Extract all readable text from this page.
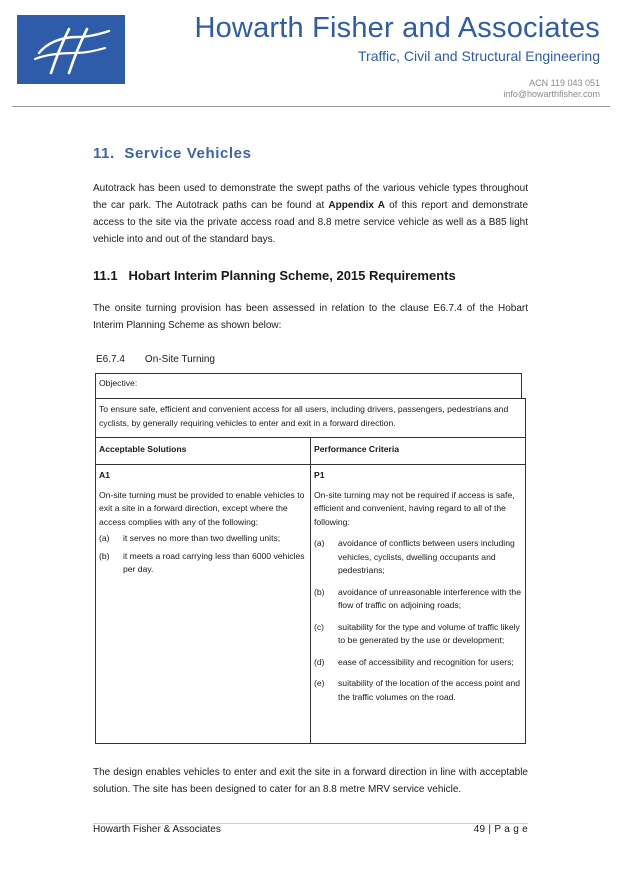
Howarth Fisher and Associates
Traffic, Civil and Structural Engineering
ACN 119 043 051
info@howarthfisher.com
11. Service Vehicles
Autotrack has been used to demonstrate the swept paths of the various vehicle types throughout the car park. The Autotrack paths can be found at Appendix A of this report and demonstrate access to the site via the private access road and 8.8 metre service vehicle as well as a B85 light vehicle into and out of the standard bays.
11.1 Hobart Interim Planning Scheme, 2015 Requirements
The onsite turning provision has been assessed in relation to the clause E6.7.4 of the Hobart Interim Planning Scheme as shown below:
E6.7.4 On-Site Turning
Objective:
To ensure safe, efficient and convenient access for all users, including drivers, passengers, pedestrians and cyclists, by generally requiring vehicles to enter and exit in a forward direction.
Acceptable Solutions	Performance Criteria
A1
On-site turning must be provided to enable vehicles to exit a site in a forward direction, except where the access complies with any of the following:
(a) it serves no more than two dwelling units;
(b) it meets a road carrying less than 6000 vehicles per day.
P1
On-site turning may not be required if access is safe, efficient and convenient, having regard to all of the following:
(a) avoidance of conflicts between users including vehicles, cyclists, dwelling occupants and pedestrians;
(b) avoidance of unreasonable interference with the flow of traffic on adjoining roads;
(c) suitability for the type and volume of traffic likely to be generated by the use or development;
(d) ease of accessibility and recognition for users;
(e) suitability of the location of the access point and the traffic volumes on the road.
The design enables vehicles to enter and exit the site in a forward direction in line with acceptable solution. The site has been designed to cater for an 8.8 metre MRV service vehicle.
Howarth Fisher & Associates	49 | P a g e
